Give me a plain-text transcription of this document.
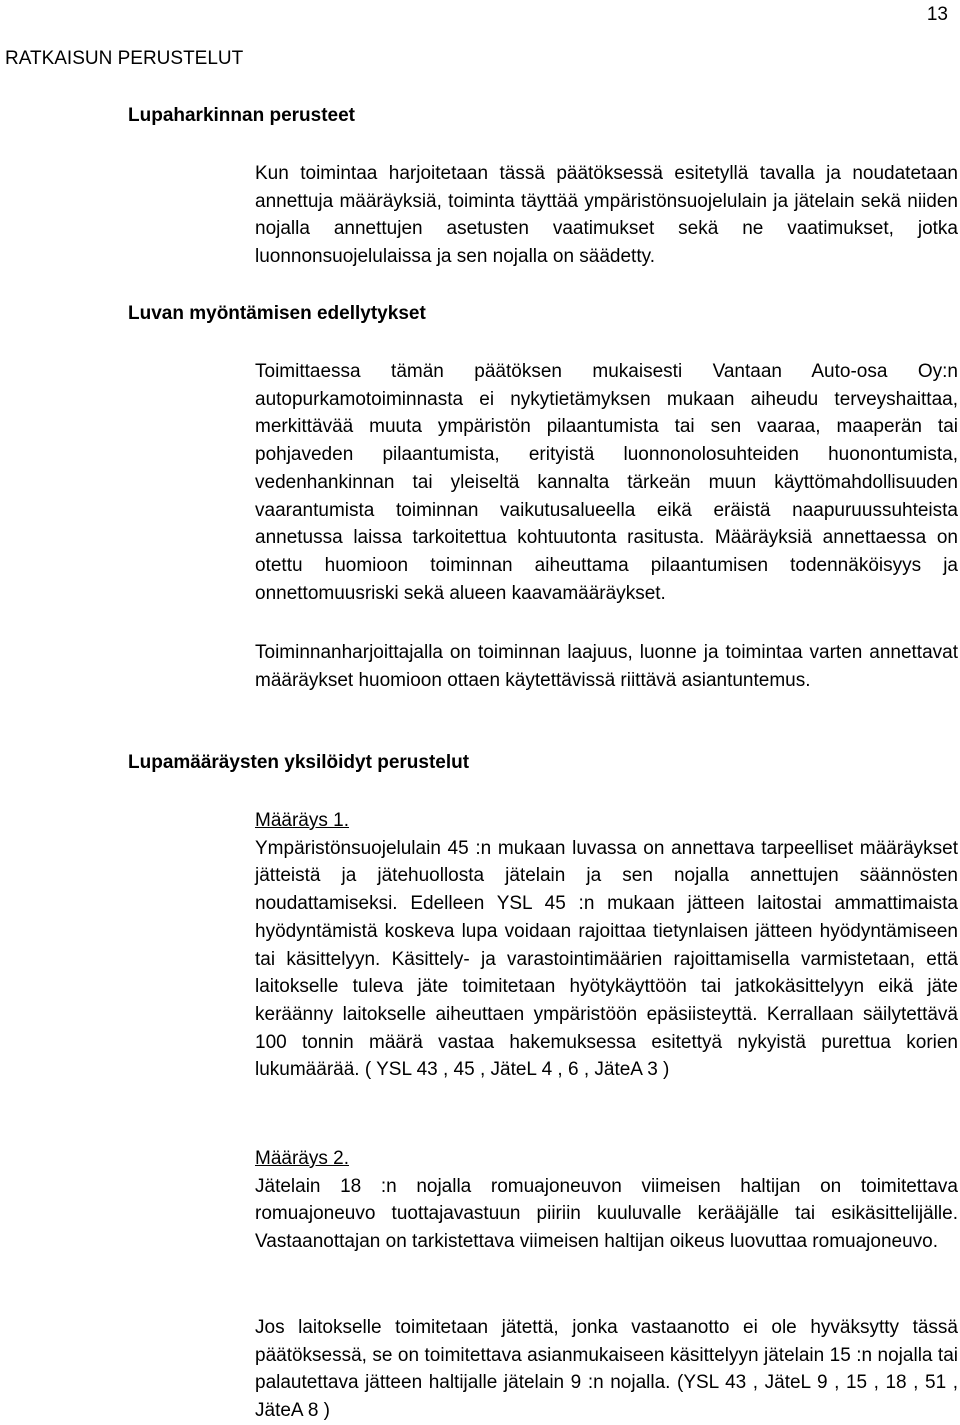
13
RATKAISUN PERUSTELUT
Lupaharkinnan perusteet

Kun toimintaa harjoitetaan tässä päätöksessä esitetyllä tavalla ja noudatetaan annettuja määräyksiä, toiminta täyttää ympäristönsuojelulain ja jätelain sekä niiden nojalla annettujen asetusten vaatimukset sekä ne vaatimukset, jotka luonnonsuojelulaissa ja sen nojalla on säädetty.

Luvan myöntämisen edellytykset

Toimittaessa tämän päätöksen mukaisesti Vantaan Auto-osa Oy:n autopurkamotoiminnasta ei nykytietämyksen mukaan aiheudu terveyshaittaa, merkittävää muuta ympäristön pilaantumista tai sen vaaraa, maaperän tai pohjaveden pilaantumista, erityistä luonnonolosuhteiden huonontumista, vedenhankinnan tai yleiseltä kannalta tärkeän muun käyttömahdollisuuden vaarantumista toiminnan vaikutusalueella eikä eräistä naapuruussuhteista annetussa laissa tarkoitettua kohtuutonta rasitusta. Määräyksiä annettaessa on otettu huomioon toiminnan aiheuttama pilaantumisen todennäköisyys ja onnettomuusriski sekä alueen kaavamääräykset.

Toiminnanharjoittajalla on toiminnan laajuus, luonne ja toimintaa varten annettavat määräykset huomioon ottaen käytettävissä riittävä asiantuntemus.

Lupamääräysten yksilöidyt perustelut
Määräys 1.
Ympäristönsuojelulain 45 :n mukaan luvassa on annettava tarpeelliset määräykset jätteistä ja jätehuollosta jätelain ja sen nojalla annettujen säännösten noudattamiseksi. Edelleen YSL 45 :n mukaan jätteen laitostai ammattimaista hyödyntämistä koskeva lupa voidaan rajoittaa tietynlaisen jätteen hyödyntämiseen tai käsittelyyn. Käsittely- ja varastointimäärien rajoittamisella varmistetaan, että laitokselle tuleva jäte toimitetaan hyötykäyttöön tai jatkokäsittelyyn eikä jäte keräänny laitokselle aiheuttaen ympäristöön epäsiisteyttä. Kerrallaan säilytettävä 100 tonnin määrä vastaa hakemuksessa esitettyä nykyistä purettua korien lukumäärää. ( YSL 43 , 45 , JäteL 4 , 6 , JäteA 3 )
Määräys 2.
Jätelain 18 :n nojalla romuajoneuvon viimeisen haltijan on toimitettava romuajoneuvo tuottajavastuun piiriin kuuluvalle kerääjälle tai esikäsittelijälle. Vastaanottajan on tarkistettava viimeisen haltijan oikeus luovuttaa romuajoneuvo.

Jos laitokselle toimitetaan jätettä, jonka vastaanotto ei ole hyväksytty tässä päätöksessä, se on toimitettava asianmukaiseen käsittelyyn jätelain 15 :n nojalla tai palautettava jätteen haltijalle jätelain 9 :n nojalla. (YSL 43 , JäteL 9 , 15 , 18 , 51 , JäteA 8 )
